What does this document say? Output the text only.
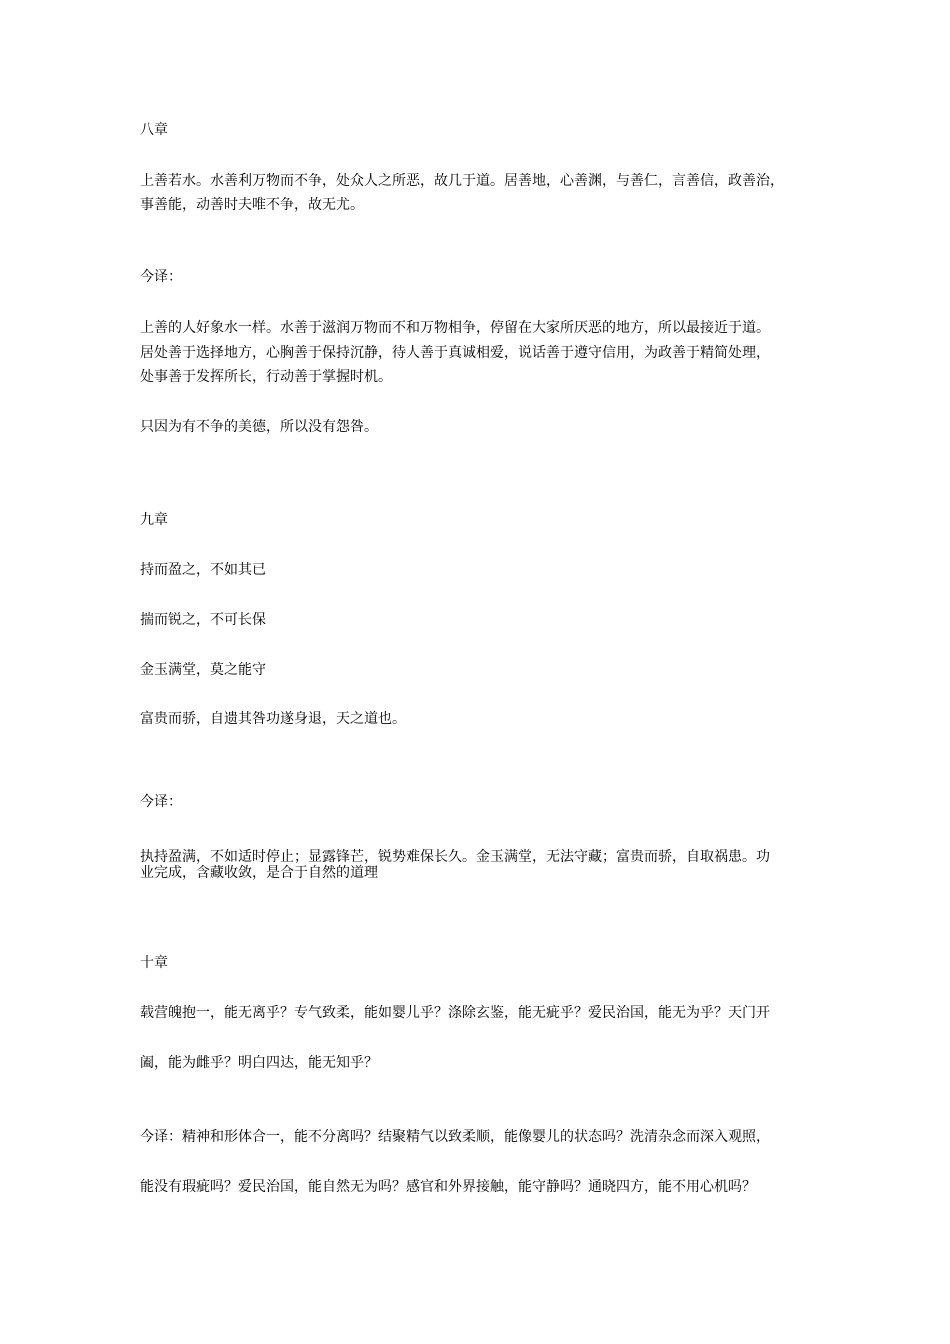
八章
上善若水。水善利万物而不争，处众人之所恶，故几于道。居善地，心善渊，与善仁，言善信，政善治，
事善能，动善时夫唯不争，故无尤。
今译：
上善的人好象水一样。水善于滋润万物而不和万物相争，停留在大家所厌恶的地方，所以最接近于道。
居处善于选择地方，心胸善于保持沉静，待人善于真诚相爱，说话善于遵守信用，为政善于精简处理，
处事善于发挥所长，行动善于掌握时机。
只因为有不争的美德，所以没有怨咎。
九章
持而盈之，不如其已
揣而锐之，不可长保
金玉满堂，莫之能守
富贵而骄，自遗其咎功遂身退，天之道也。
今译：
执持盈满，不如适时停止；显露锋芒，锐势难保长久。金玉满堂，无法守藏；富贵而骄，自取祸患。功
业完成，含藏收敛，是合于自然的道理
十章
载营魄抱一，能无离乎？专气致柔，能如婴儿乎？涤除玄鉴，能无疵乎？爱民治国，能无为乎？天门开
阖，能为雌乎？明白四达，能无知乎？
今译：精神和形体合一，能不分离吗？结聚精气以致柔顺，能像婴儿的状态吗？洗清杂念而深入观照，
能没有瑕疵吗？爱民治国，能自然无为吗？感官和外界接触，能守静吗？通晓四方，能不用心机吗？
